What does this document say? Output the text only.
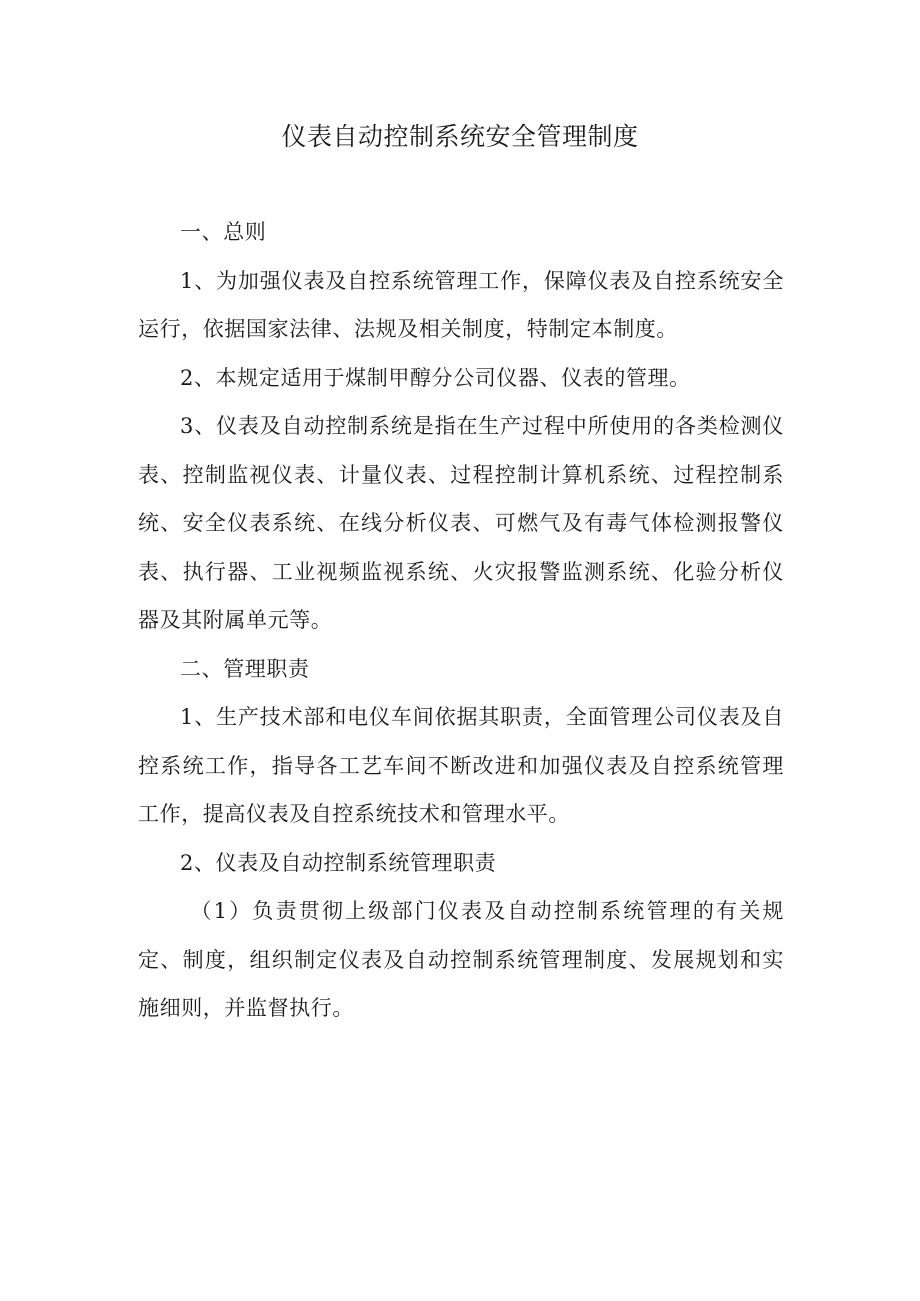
仪表自动控制系统安全管理制度

一、总则

1、为加强仪表及自控系统管理工作，保障仪表及自控系统安全运行，依据国家法律、法规及相关制度，特制定本制度。

2、本规定适用于煤制甲醇分公司仪器、仪表的管理。

3、仪表及自动控制系统是指在生产过程中所使用的各类检测仪表、控制监视仪表、计量仪表、过程控制计算机系统、过程控制系统、安全仪表系统、在线分析仪表、可燃气及有毒气体检测报警仪表、执行器、工业视频监视系统、火灾报警监测系统、化验分析仪器及其附属单元等。

二、管理职责

1、生产技术部和电仪车间依据其职责，全面管理公司仪表及自控系统工作，指导各工艺车间不断改进和加强仪表及自控系统管理工作，提高仪表及自控系统技术和管理水平。

2、仪表及自动控制系统管理职责

（1）负责贯彻上级部门仪表及自动控制系统管理的有关规定、制度，组织制定仪表及自动控制系统管理制度、发展规划和实施细则，并监督执行。
